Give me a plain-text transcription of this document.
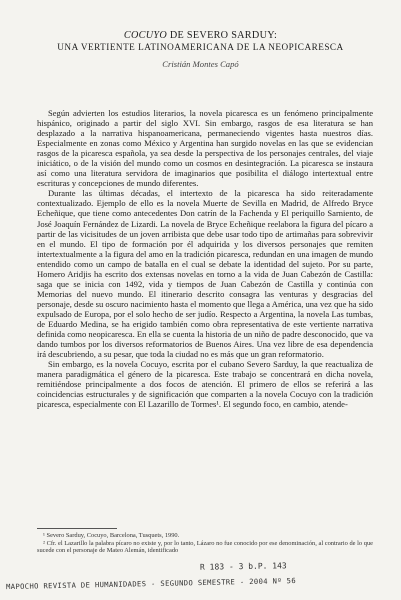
COCUYO DE SEVERO SARDUY:
UNA VERTIENTE LATINOAMERICANA DE LA NEOPICARESCA
Cristián Montes Capó

Según advierten los estudios literarios, la novela picaresca es un fenómeno principalmente hispánico, originado a partir del siglo XVI. Sin embargo, rasgos de esa literatura se han desplazado a la narrativa hispanoamericana, permaneciendo vigentes hasta nuestros días. Especialmente en zonas como México y Argentina han surgido novelas en las que se evidencian rasgos de la picaresca española, ya sea desde la perspectiva de los personajes centrales, del viaje iniciático, o de la visión del mundo como un cosmos en desintegración. La picaresca se instaura así como una literatura servidora de imaginarios que posibilita el diálogo intertextual entre escrituras y concepciones de mundo diferentes.

Durante las últimas décadas, el intertexto de la picaresca ha sido reiteradamente contextualizado. Ejemplo de ello es la novela Muerte de Sevilla en Madrid, de Alfredo Bryce Echeñique, que tiene como antecedentes Don catrín de la Fachenda y El periquillo Sarniento, de José Joaquín Fernández de Lizardi. La novela de Bryce Echeñique reelabora la figura del pícaro a partir de las vicisitudes de un joven arribista que debe usar todo tipo de artimañas para sobrevivir en el mundo. El tipo de formación por él adquirida y los diversos personajes que remiten intertextualmente a la figura del amo en la tradición picaresca, redundan en una imagen de mundo entendido como un campo de batalla en el cual se debate la identidad del sujeto. Por su parte, Homero Aridjis ha escrito dos extensas novelas en torno a la vida de Juan Cabezón de Castilla: saga que se inicia con 1492, vida y tiempos de Juan Cabezón de Castilla y continúa con Memorias del nuevo mundo. El itinerario descrito consagra las venturas y desgracias del personaje, desde su oscuro nacimiento hasta el momento que llega a América, una vez que ha sido expulsado de Europa, por el solo hecho de ser judío. Respecto a Argentina, la novela Las tumbas, de Eduardo Medina, se ha erigido también como obra representativa de este vertiente narrativa definida como neopicaresca. En ella se cuenta la historia de un niño de padre desconocido, que va dando tumbos por los diversos reformatorios de Buenos Aires. Una vez libre de esa dependencia irá descubriendo, a su pesar, que toda la ciudad no es más que un gran reformatorio.

Sin embargo, es la novela Cocuyo, escrita por el cubano Severo Sarduy, la que reactualiza de manera paradigmática el género de la picaresca. Este trabajo se concentrará en dicha novela, remitiéndose principalmente a dos focos de atención. El primero de ellos se referirá a las coincidencias estructurales y de significación que comparten a la novela Cocuyo con la tradición picaresca, especialmente con El Lazarillo de Tormes¹. El segundo foco, en cambio, atende-

¹ Severo Sarduy, Cocuyo, Barcelona, Tusquets, 1990.

² Cfr. el Lazarillo la palabra pícaro no existe y, por lo tanto, Lázaro no fue conocido por ese denominación, al contrario de lo que sucede con el personaje de Mateo Alemán, identificado

R 183 - 3 b.P. 143
MAPOCHO REVISTA DE HUMANIDADES - SEGUNDO SEMESTRE - 2004 Nº 56
